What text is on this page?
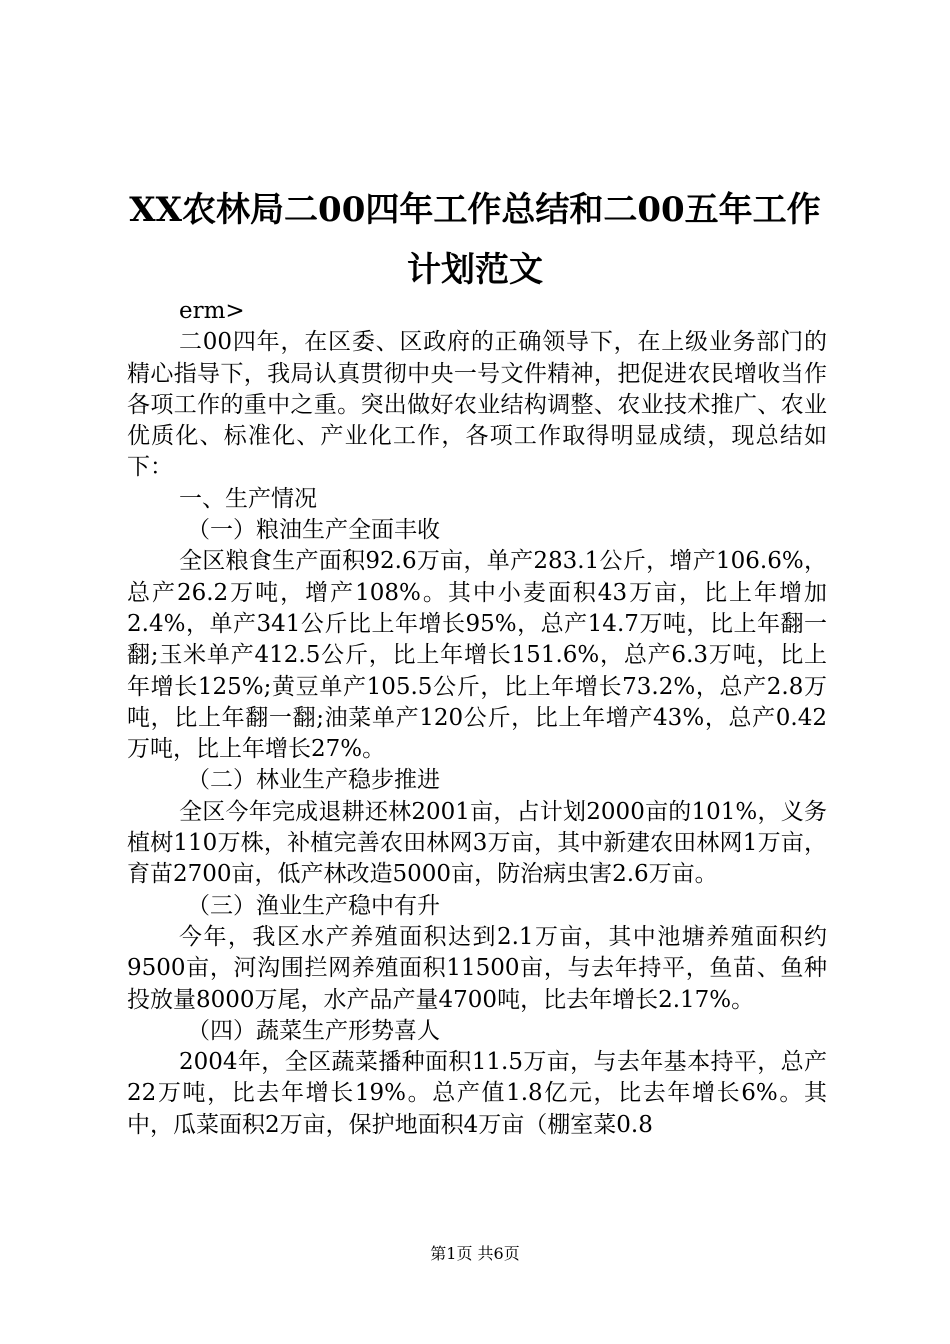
XX农林局二00四年工作总结和二00五年工作
计划范文

erm>

二00四年，在区委、区政府的正确领导下，在上级业务部门的精心指导下，我局认真贯彻中央一号文件精神，把促进农民增收当作各项工作的重中之重。突出做好农业结构调整、农业技术推广、农业优质化、标准化、产业化工作，各项工作取得明显成绩，现总结如下：

一、生产情况

（一）粮油生产全面丰收

全区粮食生产面积92.6万亩，单产283.1公斤，增产106.6%，总产26.2万吨，增产108%。其中小麦面积43万亩，比上年增加2.4%，单产341公斤比上年增长95%，总产14.7万吨，比上年翻一翻;玉米单产412.5公斤，比上年增长151.6%，总产6.3万吨，比上年增长125%;黄豆单产105.5公斤，比上年增长73.2%，总产2.8万吨，比上年翻一翻;油菜单产120公斤，比上年增产43%，总产0.42万吨，比上年增长27%。

（二）林业生产稳步推进

全区今年完成退耕还林2001亩，占计划2000亩的101%，义务植树110万株，补植完善农田林网3万亩，其中新建农田林网1万亩，育苗2700亩，低产林改造5000亩，防治病虫害2.6万亩。

（三）渔业生产稳中有升

今年，我区水产养殖面积达到2.1万亩，其中池塘养殖面积约9500亩，河沟围拦网养殖面积11500亩，与去年持平，鱼苗、鱼种投放量8000万尾，水产品产量4700吨，比去年增长2.17%。

（四）蔬菜生产形势喜人

2004年，全区蔬菜播种面积11.5万亩，与去年基本持平，总产22万吨，比去年增长19%。总产值1.8亿元，比去年增长6%。其中，瓜菜面积2万亩，保护地面积4万亩（棚室菜0.8

第1页 共6页
